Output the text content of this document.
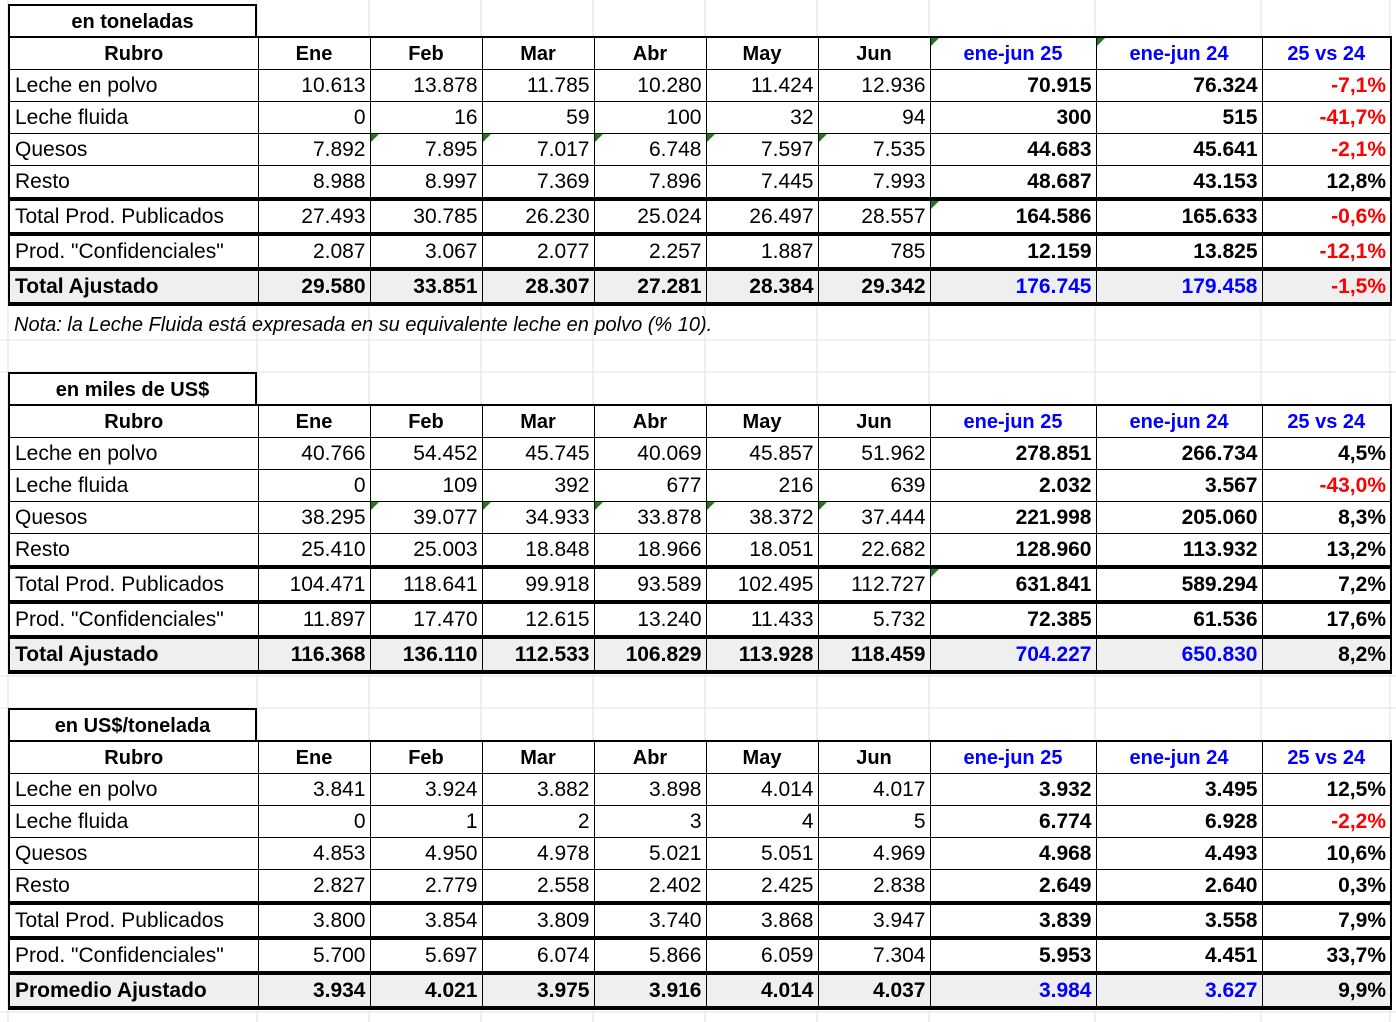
en toneladas
Rubro	Ene	Feb	Mar	Abr	May	Jun	ene-jun 25	ene-jun 24	25 vs 24
Leche en polvo	10.613	13.878	11.785	10.280	11.424	12.936	70.915	76.324	-7,1%
Leche fluida	0	16	59	100	32	94	300	515	-41,7%
Quesos	7.892	7.895	7.017	6.748	7.597	7.535	44.683	45.641	-2,1%
Resto	8.988	8.997	7.369	7.896	7.445	7.993	48.687	43.153	12,8%
Total Prod. Publicados	27.493	30.785	26.230	25.024	26.497	28.557	164.586	165.633	-0,6%
Prod. "Confidenciales"	2.087	3.067	2.077	2.257	1.887	785	12.159	13.825	-12,1%
Total Ajustado	29.580	33.851	28.307	27.281	28.384	29.342	176.745	179.458	-1,5%
Nota: la Leche Fluida está expresada en su equivalente leche en polvo (% 10).
en miles de US$
Rubro	Ene	Feb	Mar	Abr	May	Jun	ene-jun 25	ene-jun 24	25 vs 24
Leche en polvo	40.766	54.452	45.745	40.069	45.857	51.962	278.851	266.734	4,5%
Leche fluida	0	109	392	677	216	639	2.032	3.567	-43,0%
Quesos	38.295	39.077	34.933	33.878	38.372	37.444	221.998	205.060	8,3%
Resto	25.410	25.003	18.848	18.966	18.051	22.682	128.960	113.932	13,2%
Total Prod. Publicados	104.471	118.641	99.918	93.589	102.495	112.727	631.841	589.294	7,2%
Prod. "Confidenciales"	11.897	17.470	12.615	13.240	11.433	5.732	72.385	61.536	17,6%
Total Ajustado	116.368	136.110	112.533	106.829	113.928	118.459	704.227	650.830	8,2%
en US$/tonelada
Rubro	Ene	Feb	Mar	Abr	May	Jun	ene-jun 25	ene-jun 24	25 vs 24
Leche en polvo	3.841	3.924	3.882	3.898	4.014	4.017	3.932	3.495	12,5%
Leche fluida	0	1	2	3	4	5	6.774	6.928	-2,2%
Quesos	4.853	4.950	4.978	5.021	5.051	4.969	4.968	4.493	10,6%
Resto	2.827	2.779	2.558	2.402	2.425	2.838	2.649	2.640	0,3%
Total Prod. Publicados	3.800	3.854	3.809	3.740	3.868	3.947	3.839	3.558	7,9%
Prod. "Confidenciales"	5.700	5.697	6.074	5.866	6.059	7.304	5.953	4.451	33,7%
Promedio Ajustado	3.934	4.021	3.975	3.916	4.014	4.037	3.984	3.627	9,9%
